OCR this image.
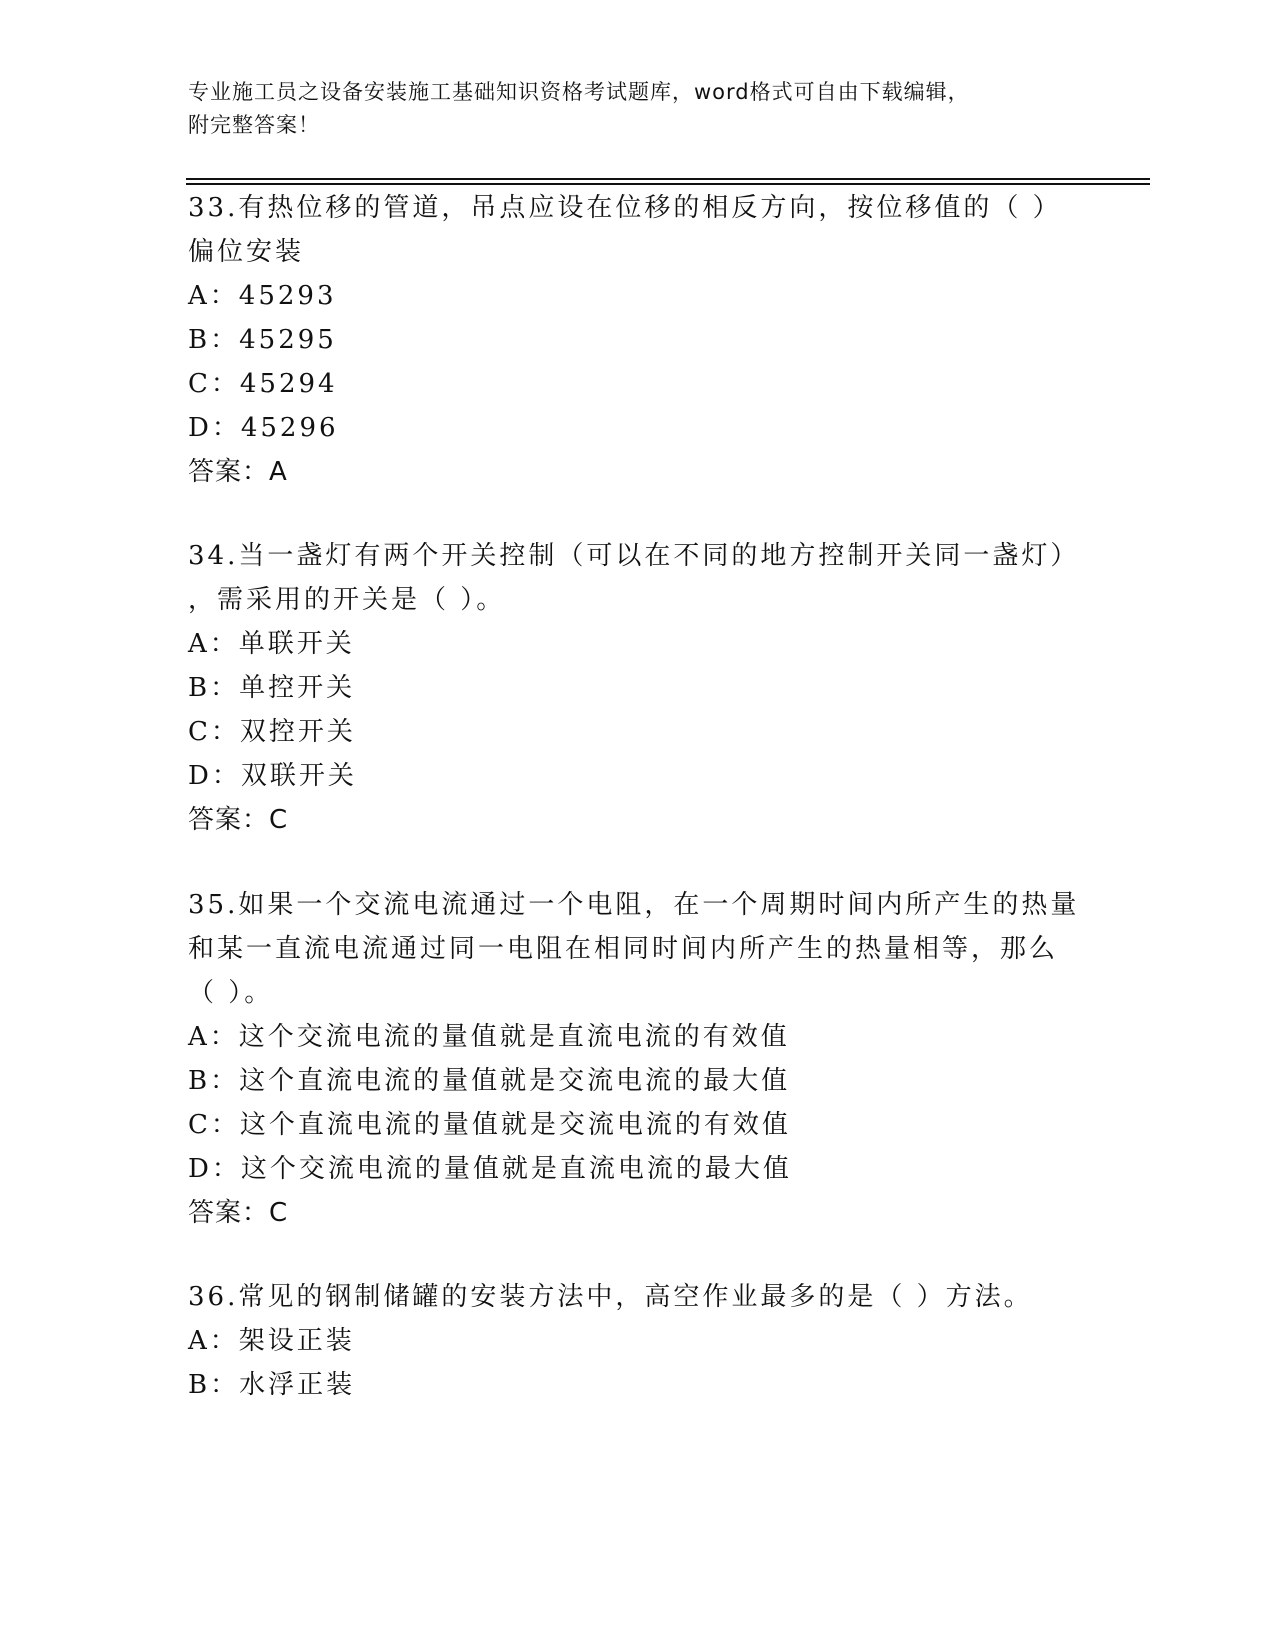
专业施工员之设备安装施工基础知识资格考试题库，word格式可自由下载编辑，
附完整答案！
33.有热位移的管道，吊点应设在位移的相反方向，按位移值的（ ）
偏位安装
A：45293
B：45295
C：45294
D：45296
答案：A
34.当一盏灯有两个开关控制（可以在不同的地方控制开关同一盏灯）
，需采用的开关是（ ）。
A：单联开关
B：单控开关
C：双控开关
D：双联开关
答案：C
35.如果一个交流电流通过一个电阻，在一个周期时间内所产生的热量
和某一直流电流通过同一电阻在相同时间内所产生的热量相等，那么
（ ）。
A：这个交流电流的量值就是直流电流的有效值
B：这个直流电流的量值就是交流电流的最大值
C：这个直流电流的量值就是交流电流的有效值
D：这个交流电流的量值就是直流电流的最大值
答案：C
36.常见的钢制储罐的安装方法中，高空作业最多的是（ ）方法。
A：架设正装
B：水浮正装
